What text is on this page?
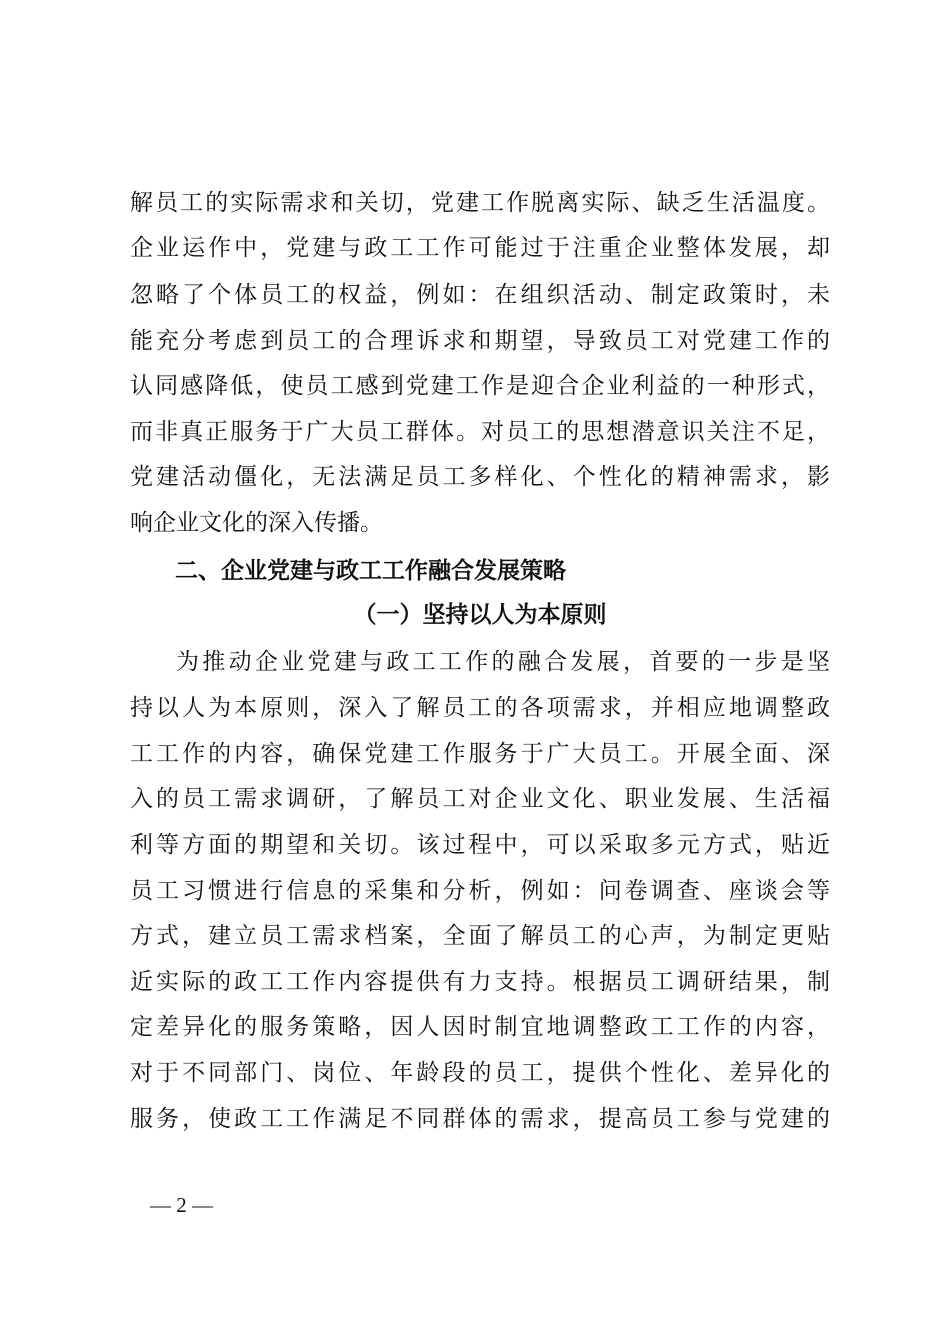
解员工的实际需求和关切，党建工作脱离实际、缺乏生活温度。
企业运作中，党建与政工工作可能过于注重企业整体发展，却
忽略了个体员工的权益，例如：在组织活动、制定政策时，未
能充分考虑到员工的合理诉求和期望，导致员工对党建工作的
认同感降低，使员工感到党建工作是迎合企业利益的一种形式，
而非真正服务于广大员工群体。对员工的思想潜意识关注不足，
党建活动僵化，无法满足员工多样化、个性化的精神需求，影
响企业文化的深入传播。
二、企业党建与政工工作融合发展策略
（一）坚持以人为本原则
为推动企业党建与政工工作的融合发展，首要的一步是坚
持以人为本原则，深入了解员工的各项需求，并相应地调整政
工工作的内容，确保党建工作服务于广大员工。开展全面、深
入的员工需求调研，了解员工对企业文化、职业发展、生活福
利等方面的期望和关切。该过程中，可以采取多元方式，贴近
员工习惯进行信息的采集和分析，例如：问卷调查、座谈会等
方式，建立员工需求档案，全面了解员工的心声，为制定更贴
近实际的政工工作内容提供有力支持。根据员工调研结果，制
定差异化的服务策略，因人因时制宜地调整政工工作的内容，
对于不同部门、岗位、年龄段的员工，提供个性化、差异化的
服务，使政工工作满足不同群体的需求，提高员工参与党建的
— 2 —
